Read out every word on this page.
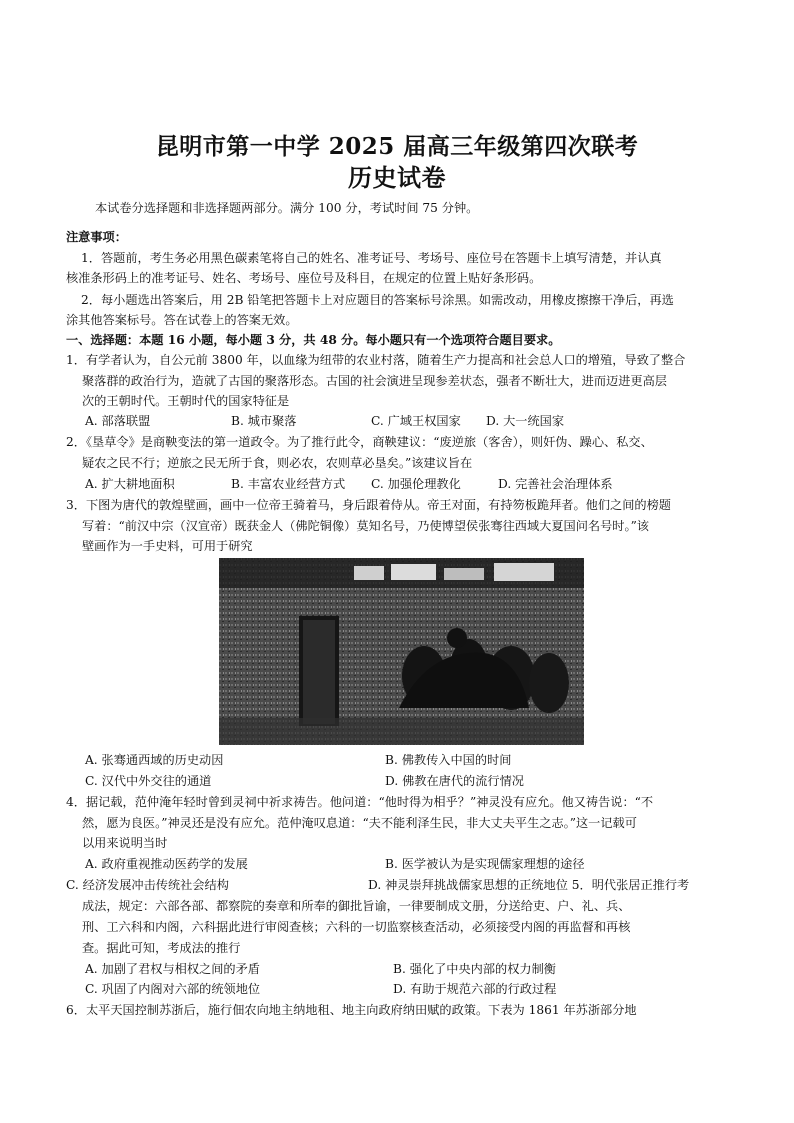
昆明市第一中学 2025 届高三年级第四次联考
历史试卷
本试卷分选择题和非选择题两部分。满分 100 分，考试时间 75 分钟。
注意事项：
1．答题前，考生务必用黑色碳素笔将自己的姓名、准考证号、考场号、座位号在答题卡上填写清楚，并认真
核准条形码上的准考证号、姓名、考场号、座位号及科目，在规定的位置上贴好条形码。
2．每小题选出答案后，用 2B 铅笔把答题卡上对应题目的答案标号涂黑。如需改动，用橡皮擦擦干净后，再选
涂其他答案标号。答在试卷上的答案无效。
一、选择题：本题 16 小题，每小题 3 分，共 48 分。每小题只有一个选项符合题目要求。
1．有学者认为，自公元前 3800 年，以血缘为纽带的农业村落，随着生产力提高和社会总人口的增殖，导致了整合
聚落群的政治行为，造就了古国的聚落形态。古国的社会演进呈现参差状态，强者不断壮大，进而迈进更高层
次的王朝时代。王朝时代的国家特征是
A. 部落联盟	B. 城市聚落	C. 广域王权国家 D. 大一统国家
2．《垦草令》是商鞅变法的第一道政令。为了推行此令，商鞅建议：“废逆旅（客舍），则奸伪、躁心、私交、
疑农之民不行；逆旅之民无所于食，则必农，农则草必垦矣。”该建议旨在
A. 扩大耕地面积	B. 丰富农业经营方式 C. 加强伦理教化	D. 完善社会治理体系
3．下图为唐代的敦煌壁画，画中一位帝王骑着马，身后跟着侍从。帝王对面，有持笏板跪拜者。他们之间的榜题
写着：“前汉中宗（汉宣帝）既获金人（佛陀铜像）莫知名号，乃使博望侯张骞往西域大夏国问名号时。”该
壁画作为一手史料，可用于研究
A. 张骞通西域的历史动因	B. 佛教传入中国的时间
C. 汉代中外交往的通道	D. 佛教在唐代的流行情况
4．据记载，范仲淹年轻时曾到灵祠中祈求祷告。他问道：“他时得为相乎？”神灵没有应允。他又祷告说：“不
然，愿为良医。”神灵还是没有应允。范仲淹叹息道：“夫不能利泽生民，非大丈夫平生之志。”这一记载可
以用来说明当时
A. 政府重视推动医药学的发展	B. 医学被认为是实现儒家理想的途径
C. 经济发展冲击传统社会结构	D. 神灵崇拜挑战儒家思想的正统地位 5．明代张居正推行考
成法，规定：六部各部、都察院的奏章和所奉的御批旨谕，一律要制成文册，分送给吏、户、礼、兵、
刑、工六科和内阁，六科据此进行审阅查核；六科的一切监察核查活动，必须接受内阁的再监督和再核
查。据此可知，考成法的推行
A. 加剧了君权与相权之间的矛盾	B. 强化了中央内部的权力制衡
C. 巩固了内阁对六部的统领地位	D. 有助于规范六部的行政过程
6．太平天国控制苏浙后，施行佃农向地主纳地租、地主向政府纳田赋的政策。下表为 1861 年苏浙部分地
